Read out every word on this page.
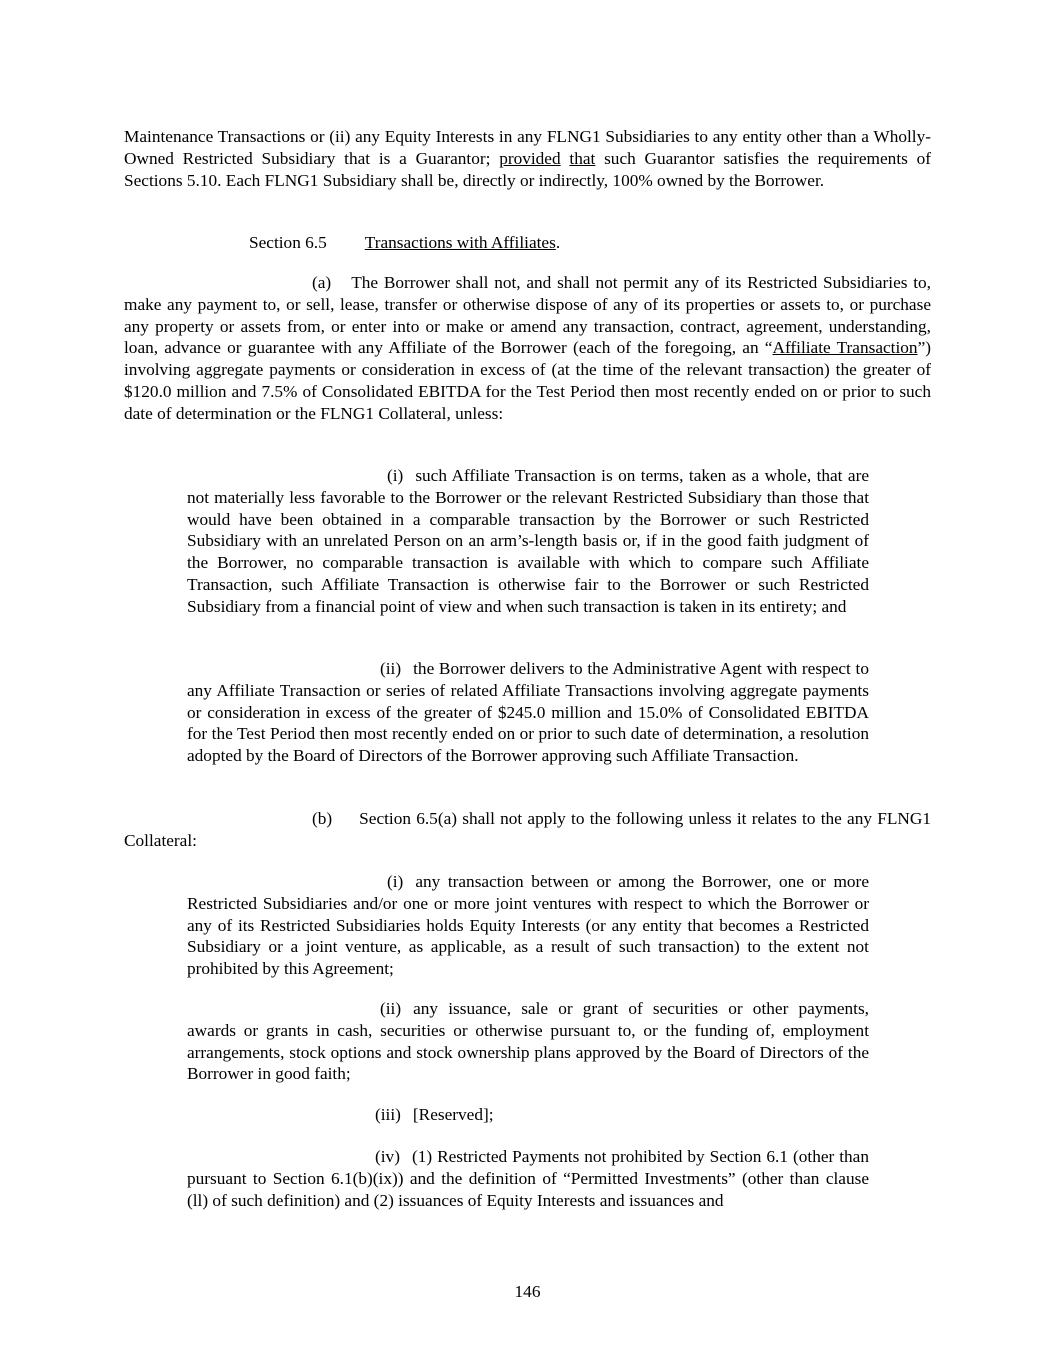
Maintenance Transactions or (ii) any Equity Interests in any FLNG1 Subsidiaries to any entity other than a Wholly-Owned Restricted Subsidiary that is a Guarantor; provided that such Guarantor satisfies the requirements of Sections 5.10. Each FLNG1 Subsidiary shall be, directly or indirectly, 100% owned by the Borrower.

Section 6.5 Transactions with Affiliates.

(a) The Borrower shall not, and shall not permit any of its Restricted Subsidiaries to, make any payment to, or sell, lease, transfer or otherwise dispose of any of its properties or assets to, or purchase any property or assets from, or enter into or make or amend any transaction, contract, agreement, understanding, loan, advance or guarantee with any Affiliate of the Borrower (each of the foregoing, an “Affiliate Transaction”) involving aggregate payments or consideration in excess of (at the time of the relevant transaction) the greater of $120.0 million and 7.5% of Consolidated EBITDA for the Test Period then most recently ended on or prior to such date of determination or the FLNG1 Collateral, unless:

(i) such Affiliate Transaction is on terms, taken as a whole, that are not materially less favorable to the Borrower or the relevant Restricted Subsidiary than those that would have been obtained in a comparable transaction by the Borrower or such Restricted Subsidiary with an unrelated Person on an arm’s-length basis or, if in the good faith judgment of the Borrower, no comparable transaction is available with which to compare such Affiliate Transaction, such Affiliate Transaction is otherwise fair to the Borrower or such Restricted Subsidiary from a financial point of view and when such transaction is taken in its entirety; and

(ii) the Borrower delivers to the Administrative Agent with respect to any Affiliate Transaction or series of related Affiliate Transactions involving aggregate payments or consideration in excess of the greater of $245.0 million and 15.0% of Consolidated EBITDA for the Test Period then most recently ended on or prior to such date of determination, a resolution adopted by the Board of Directors of the Borrower approving such Affiliate Transaction.

(b) Section 6.5(a) shall not apply to the following unless it relates to the any FLNG1 Collateral:

(i) any transaction between or among the Borrower, one or more Restricted Subsidiaries and/or one or more joint ventures with respect to which the Borrower or any of its Restricted Subsidiaries holds Equity Interests (or any entity that becomes a Restricted Subsidiary or a joint venture, as applicable, as a result of such transaction) to the extent not prohibited by this Agreement;

(ii) any issuance, sale or grant of securities or other payments, awards or grants in cash, securities or otherwise pursuant to, or the funding of, employment arrangements, stock options and stock ownership plans approved by the Board of Directors of the Borrower in good faith;

(iii) [Reserved];

(iv) (1) Restricted Payments not prohibited by Section 6.1 (other than pursuant to Section 6.1(b)(ix)) and the definition of “Permitted Investments” (other than clause (ll) of such definition) and (2) issuances of Equity Interests and issuances and

146
